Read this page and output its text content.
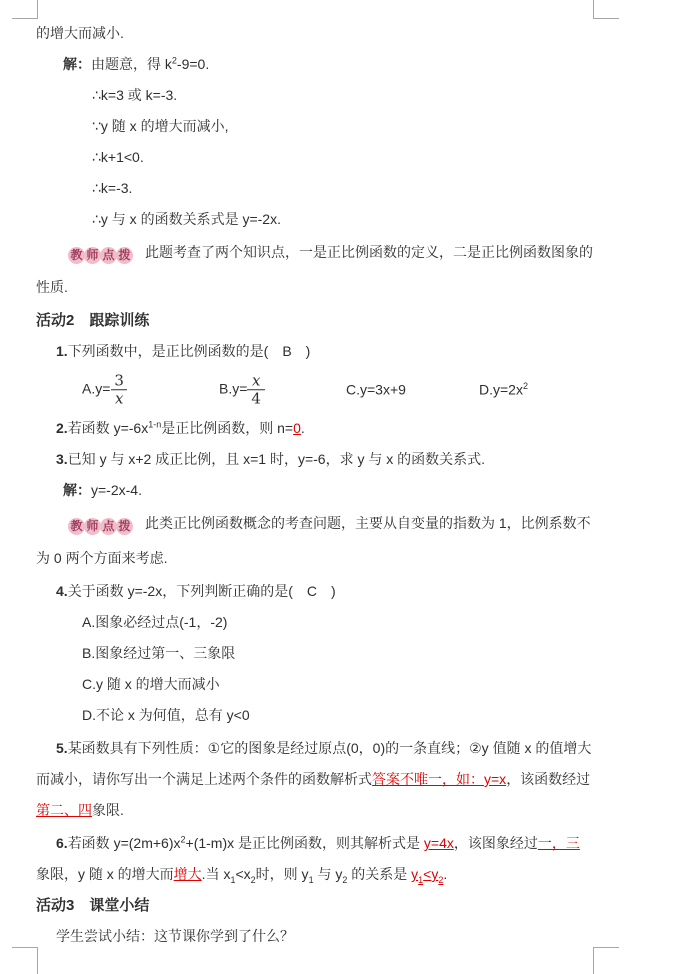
的增大而减小.
解：由题意，得 $k^2-9=0$.
∴k=3 或 k=-3.
∵y 随 x 的增大而减小,
∴k+1<0.
∴k=-3.
∴y 与 x 的函数关系式是 y=-2x.
教 师 点 拨 此题考查了两个知识点，一是正比例函数的定义，二是正比例函数图象的性质.
活动2　跟踪训练
1.下列函数中，是正比例函数的是(　B　)
$A.y= \frac{3}{x}$	$B.y= \frac{x}{4}$	C.y=3x+9	$D.y=2x^2$
2.若函数 $y=-6x^{1-n}$是正比例函数，则 n=0.
3.已知 y 与 x+2 成正比例，且 x=1 时，y=-6，求 y 与 x 的函数关系式.
解：y=-2x-4.
教 师 点 拨 此类正比例函数概念的考查问题，主要从自变量的指数为 1，比例系数不为 0 两个方面来考虑.
4.关于函数 y=-2x，下列判断正确的是(　C　)
A.图象必经过点(-1，-2)
B.图象经过第一、三象限
C.y 随 x 的增大而减小
D.不论 x 为何值，总有 y<0
5.某函数具有下列性质：①它的图象是经过原点(0，0)的一条直线；②y 值随 x 的值增大而减小，请你写出一个满足上述两个条件的函数解析式答案不唯一，如：y=x，该函数经过第二、四象限.
6.若函数 $y=(2m+6)x^2+(1-m)x$ 是正比例函数，则其解析式是 y=4x，该图象经过一，三象限，y 随 x 的增大而增大.当 $x_1<x_2$时，则 $y_1$ 与 $y_2$ 的关系是 $y_1<y_2$.
活动3　课堂小结
学生尝试小结：这节课你学到了什么？
